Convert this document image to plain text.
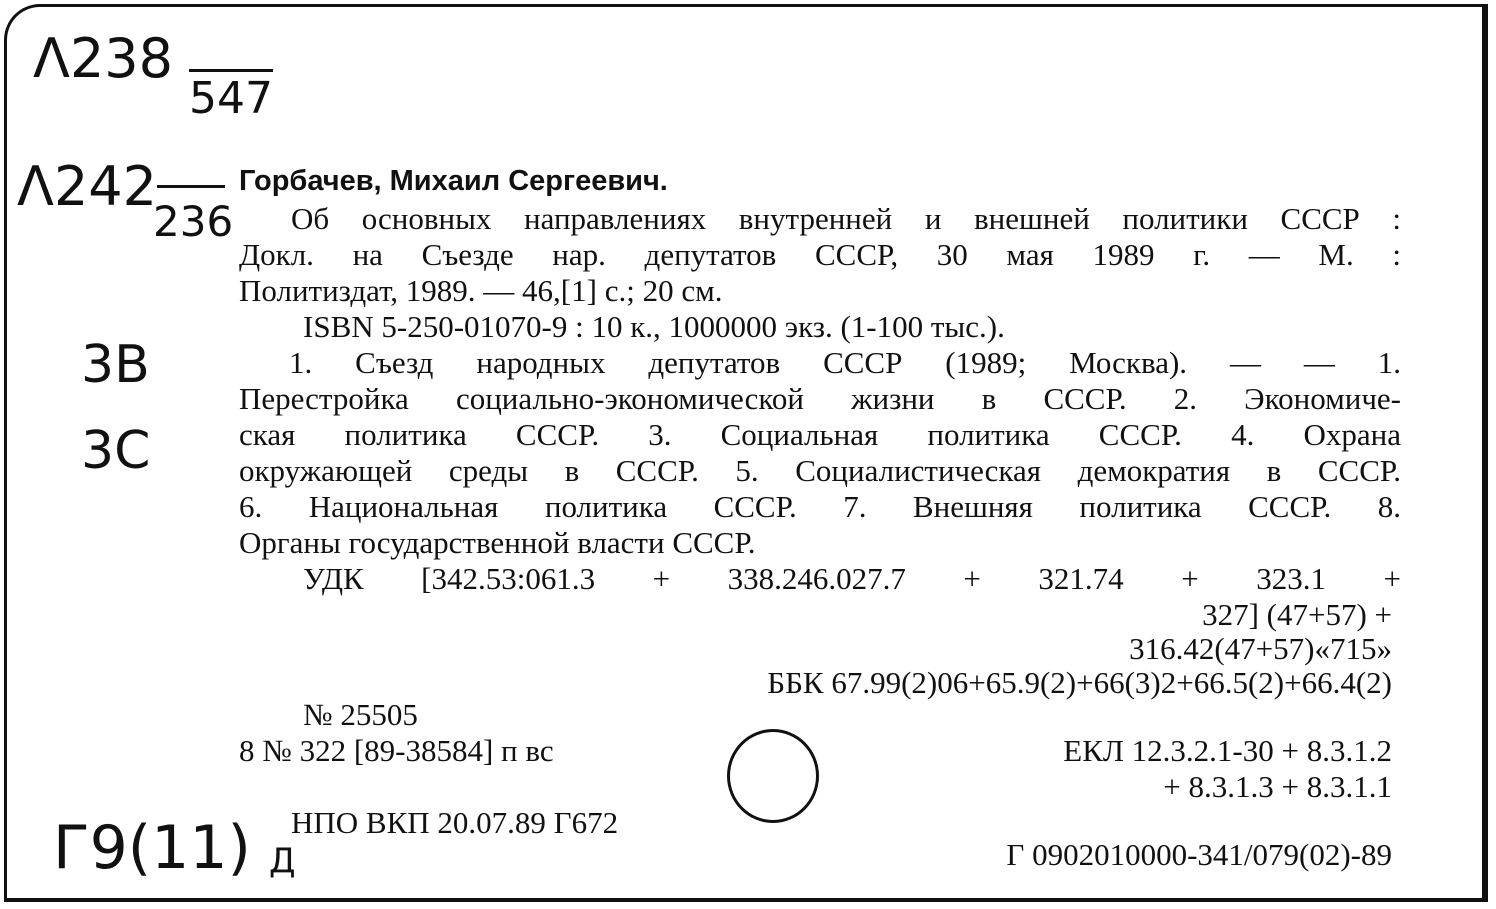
Λ238
547
Λ242
236
3B
3C
Г9(11) Д
Горбачев, Михаил Сергеевич.
Об основных направлениях внутренней и внешней политики СССР :
Докл. на Съезде нар. депутатов СССР, 30 мая 1989 г. — М. :
Политиздат, 1989. — 46,[1] с.; 20 см.
ISBN 5-250-01070-9 : 10 к., 1000000 экз. (1-100 тыс.).
1. Съезд народных депутатов СССР (1989; Москва). — — 1.
Перестройка социально-экономической жизни в СССР. 2. Экономиче-
ская политика СССР. 3. Социальная политика СССР. 4. Охрана
окружающей среды в СССР. 5. Социалистическая демократия в СССР.
6. Национальная политика СССР. 7. Внешняя политика СССР. 8.
Органы государственной власти СССР.
УДК [342.53:061.3 + 338.246.027.7 + 321.74 + 323.1 +
327] (47+57) +
316.42(47+57)«715»
ББК 67.99(2)06+65.9(2)+66(3)2+66.5(2)+66.4(2)
№ 25505
8 № 322 [89-38584] п вс	ЕКЛ 12.3.2.1-30 + 8.3.1.2
+ 8.3.1.3 + 8.3.1.1
НПО ВКП 20.07.89 Г672
Г 0902010000-341/079(02)-89
